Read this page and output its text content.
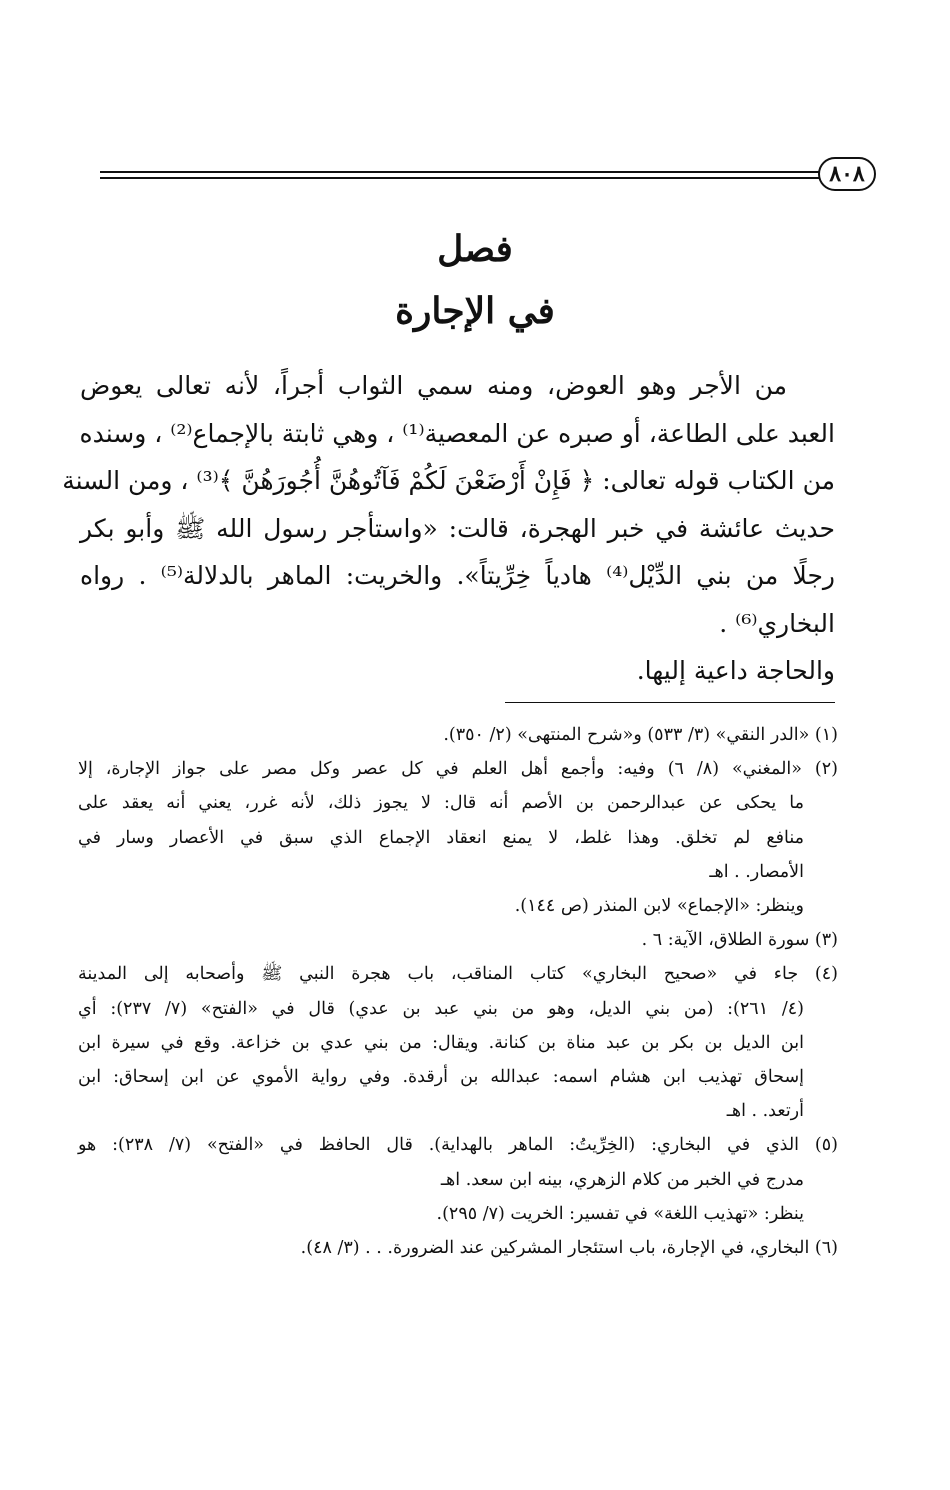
٨٠٨
فصل
في الإجارة
من الأجر وهو العوض، ومنه سمي الثواب أجراً، لأنه تعالى يعوض
العبد على الطاعة، أو صبره عن المعصية⁽¹⁾ ، وهي ثابتة بالإجماع⁽²⁾ ، وسنده
من الكتاب قوله تعالى: ﴿ فَإِنْ أَرْضَعْنَ لَكُمْ فَآتُوهُنَّ أُجُورَهُنَّ ﴾⁽³⁾ ، ومن السنة
حديث عائشة في خبر الهجرة، قالت: «واستأجر رسول الله ﷺ وأبو بكر
رجلًا من بني الدِّيْل⁽⁴⁾ هادياً خِرِّيتاً». والخريت: الماهر بالدلالة⁽⁵⁾ . رواه
البخاري⁽⁶⁾ .
والحاجة داعية إليها.
(١) «الدر النقي» (٣/ ٥٣٣) و«شرح المنتهى» (٢/ ٣٥٠).
(٢) «المغني» (٨/ ٦) وفيه: وأجمع أهل العلم في كل عصر وكل مصر على جواز الإجارة، إلا
ما يحكى عن عبدالرحمن بن الأصم أنه قال: لا يجوز ذلك، لأنه غرر، يعني أنه يعقد على
منافع لم تخلق. وهذا غلط، لا يمنع انعقاد الإجماع الذي سبق في الأعصار وسار في
الأمصار. . اهـ
وينظر: «الإجماع» لابن المنذر (ص ١٤٤).
(٣) سورة الطلاق، الآية: ٦ .
(٤) جاء في «صحيح البخاري» كتاب المناقب، باب هجرة النبي ﷺ وأصحابه إلى المدينة
(٤/ ٢٦١): (من بني الديل، وهو من بني عبد بن عدي) قال في «الفتح» (٧/ ٢٣٧): أي
ابن الديل بن بكر بن عبد مناة بن كنانة. ويقال: من بني عدي بن خزاعة. وقع في سيرة ابن
إسحاق تهذيب ابن هشام اسمه: عبدالله بن أرقدة. وفي رواية الأموي عن ابن إسحاق: ابن
أرتعد. . اهـ
(٥) الذي في البخاري: (الخِرِّيتُ: الماهر بالهداية). قال الحافظ في «الفتح» (٧/ ٢٣٨): هو
مدرج في الخبر من كلام الزهري، بينه ابن سعد. اهـ
ينظر: «تهذيب اللغة» في تفسير: الخريت (٧/ ٢٩٥).
(٦) البخاري، في الإجارة، باب استئجار المشركين عند الضرورة. . . (٣/ ٤٨).
